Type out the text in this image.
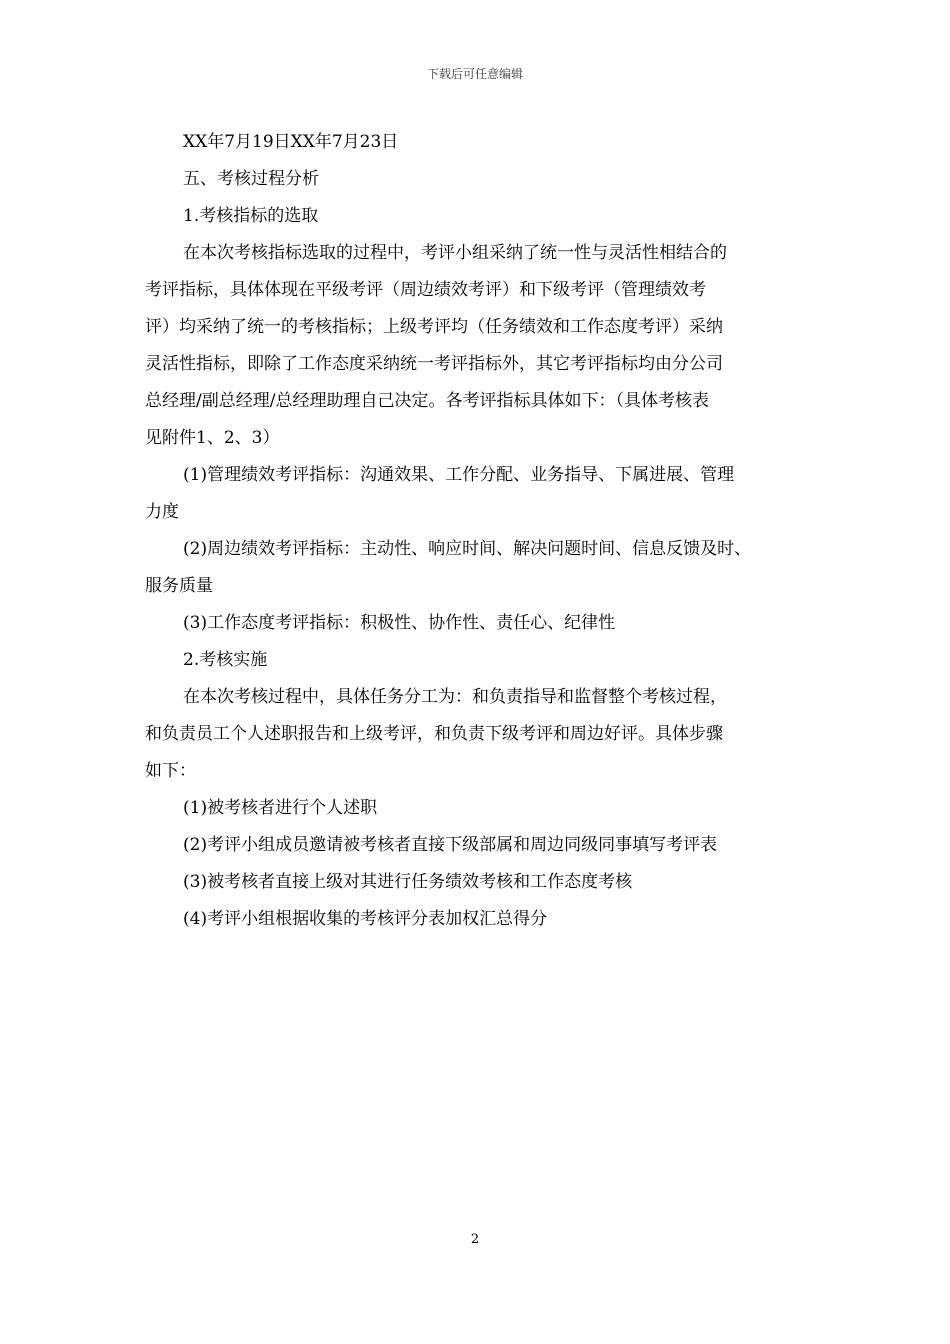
下载后可任意编辑
XX年7月19日XX年7月23日
五、考核过程分析
1.考核指标的选取
在本次考核指标选取的过程中，考评小组采纳了统一性与灵活性相结合的
考评指标，具体体现在平级考评（周边绩效考评）和下级考评（管理绩效考
评）均采纳了统一的考核指标；上级考评均（任务绩效和工作态度考评）采纳
灵活性指标，即除了工作态度采纳统一考评指标外，其它考评指标均由分公司
总经理/副总经理/总经理助理自己决定。各考评指标具体如下：（具体考核表
见附件1、2、3）
(1)管理绩效考评指标：沟通效果、工作分配、业务指导、下属进展、管理
力度
(2)周边绩效考评指标：主动性、响应时间、解决问题时间、信息反馈及时、
服务质量
(3)工作态度考评指标：积极性、协作性、责任心、纪律性
2.考核实施
在本次考核过程中，具体任务分工为：和负责指导和监督整个考核过程，
和负责员工个人述职报告和上级考评，和负责下级考评和周边好评。具体步骤
如下：
(1)被考核者进行个人述职
(2)考评小组成员邀请被考核者直接下级部属和周边同级同事填写考评表
(3)被考核者直接上级对其进行任务绩效考核和工作态度考核
(4)考评小组根据收集的考核评分表加权汇总得分
2
